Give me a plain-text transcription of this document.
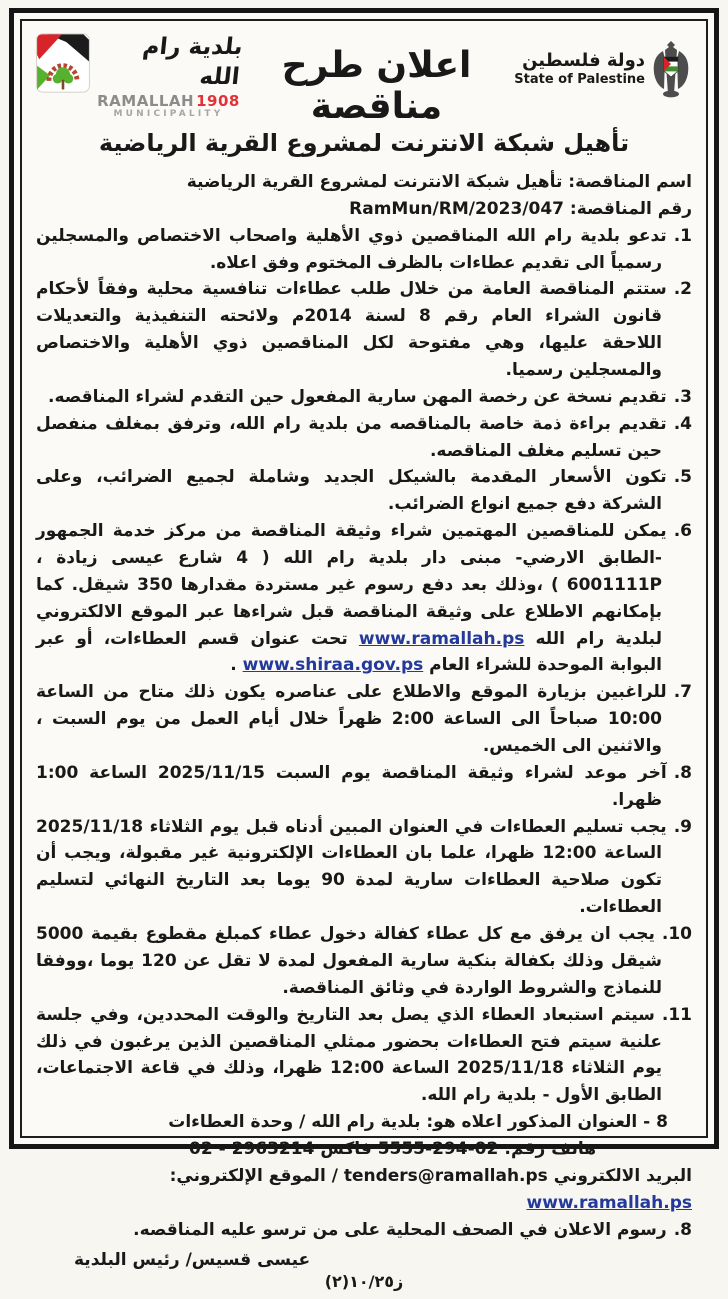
بلدية رام الله
RAMALLAH 1908
MUNICIPALITY
اعلان طرح مناقصة
دولة فلسطين
State of Palestine
تأهيل شبكة الانترنت لمشروع القرية الرياضية

اسم المناقصة: تأهيل شبكة الانترنت لمشروع القرية الرياضية

رقم المناقصة: RamMun/RM/2023/047

1.تدعو بلدية رام الله المناقصين ذوي الأهلية واصحاب الاختصاص والمسجلين رسمياً الى تقديم عطاءات بالظرف المختوم وفق اعلاه.

2.ستتم المناقصة العامة من خلال طلب عطاءات تنافسية محلية وفقاً لأحكام قانون الشراء العام رقم 8 لسنة 2014م ولائحته التنفيذية والتعديلات اللاحقة عليها، وهي مفتوحة لكل المناقصين ذوي الأهلية والاختصاص والمسجلين رسميا.

3.تقديم نسخة عن رخصة المهن سارية المفعول حين التقدم لشراء المناقصه.

4.تقديم براءة ذمة خاصة بالمناقصه من بلدية رام الله، وترفق بمغلف منفصل حين تسليم مغلف المناقصه.

5.تكون الأسعار المقدمة بالشيكل الجديد وشاملة لجميع الضرائب، وعلى الشركة دفع جميع انواع الضرائب.

6.يمكن للمناقصين المهتمين شراء وثيقة المناقصة من مركز خدمة الجمهور -الطابق الارضي- مبنى دار بلدية رام الله ( 4 شارع عيسى زيادة ، 6001111P ) ،وذلك بعد دفع رسوم غير مستردة مقدارها 350 شيقل. كما بإمكانهم الاطلاع على وثيقة المناقصة قبل شراءها عبر الموقع الالكتروني لبلدية رام الله www.ramallah.ps تحت عنوان قسم العطاءات، أو عبر البوابة الموحدة للشراء العام www.shiraa.gov.ps .

7.للراغبين بزيارة الموقع والاطلاع على عناصره يكون ذلك متاح من الساعة 10:00 صباحاً الى الساعة 2:00 ظهراً خلال أيام العمل من يوم السبت ، والاثنين الى الخميس.

8.آخر موعد لشراء وثيقة المناقصة يوم السبت 2025/11/15 الساعة 1:00 ظهرا.

9.يجب تسليم العطاءات في العنوان المبين أدناه قبل يوم الثلاثاء 2025/11/18 الساعة 12:00 ظهرا، علما بان العطاءات الإلكترونية غير مقبولة، ويجب أن تكون صلاحية العطاءات سارية لمدة 90 يوما بعد التاريخ النهائي لتسليم العطاءات.

10.يجب ان يرفق مع كل عطاء كفالة دخول عطاء كمبلغ مقطوع بقيمة 5000 شيقل وذلك بكفالة بنكية سارية المفعول لمدة لا تقل عن 120 يوما ،ووفقا للنماذج والشروط الواردة في وثائق المناقصة.

11.سيتم استبعاد العطاء الذي يصل بعد التاريخ والوقت المحددين، وفي جلسة علنية سيتم فتح العطاءات بحضور ممثلي المناقصين الذين يرغبون في ذلك يوم الثلاثاء 2025/11/18 الساعة 12:00 ظهرا، وذلك في قاعة الاجتماعات، الطابق الأول - بلدية رام الله.

8 - العنوان المذكور اعلاه هو: بلدية رام الله / وحدة العطاءات

هاتف رقم: 02-294-5555 فاكس 2963214 - 02

البريد الالكتروني tenders@ramallah.ps / الموقع الإلكتروني: www.ramallah.ps

8.رسوم الاعلان في الصحف المحلية على من ترسو عليه المناقصه.

عيسى قسيس/ رئيس البلدية
ز١٠/٢٥(٢)
